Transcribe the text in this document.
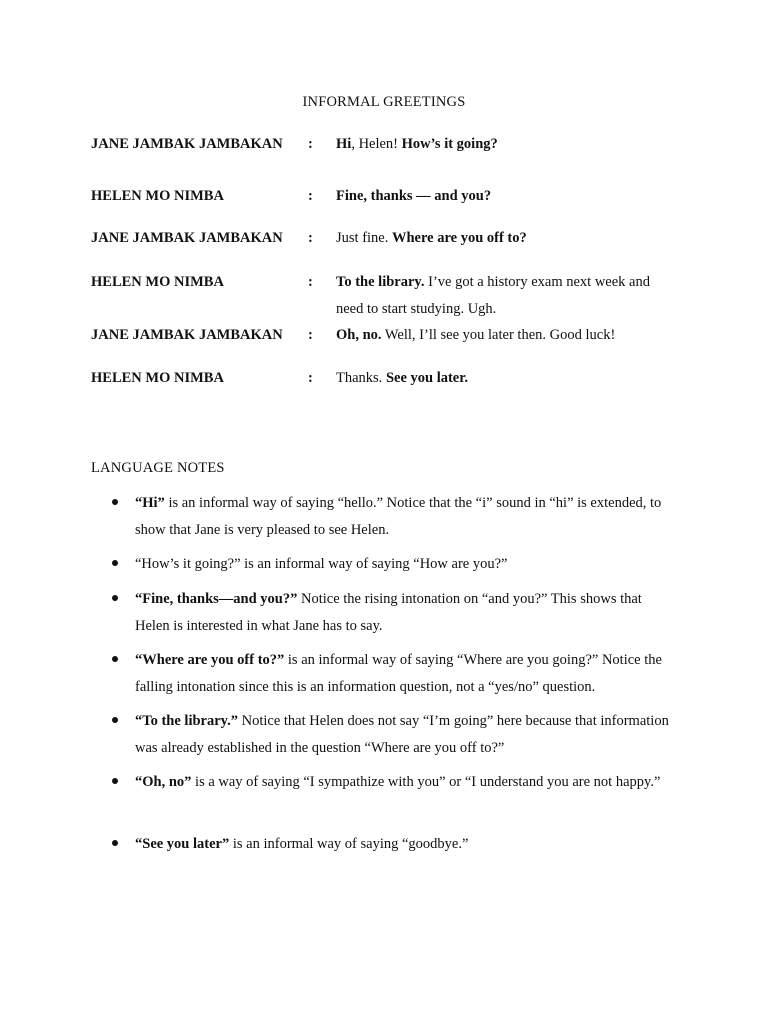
INFORMAL GREETINGS
JANE JAMBAK JAMBAKAN : Hi, Helen! How’s it going?
HELEN MO NIMBA	: Fine, thanks — and you?
JANE JAMBAK JAMBAKAN : Just fine. Where are you off to?
HELEN MO NIMBA	: To the library. I’ve got a history exam next week and need to start studying. Ugh.
JANE JAMBAK JAMBAKAN : Oh, no. Well, I’ll see you later then. Good luck!
HELEN MO NIMBA	: Thanks. See you later.
LANGUAGE NOTES
“Hi” is an informal way of saying “hello.” Notice that the “i” sound in “hi” is extended, to show that Jane is very pleased to see Helen.
“How’s it going?” is an informal way of saying “How are you?”
“Fine, thanks—and you?” Notice the rising intonation on “and you?” This shows that Helen is interested in what Jane has to say.
“Where are you off to?” is an informal way of saying “Where are you going?” Notice the falling intonation since this is an information question, not a “yes/no” question.
“To the library.” Notice that Helen does not say “I’m going” here because that information was already established in the question “Where are you off to?”
“Oh, no” is a way of saying “I sympathize with you” or “I understand you are not happy.”
“See you later” is an informal way of saying “goodbye.”
